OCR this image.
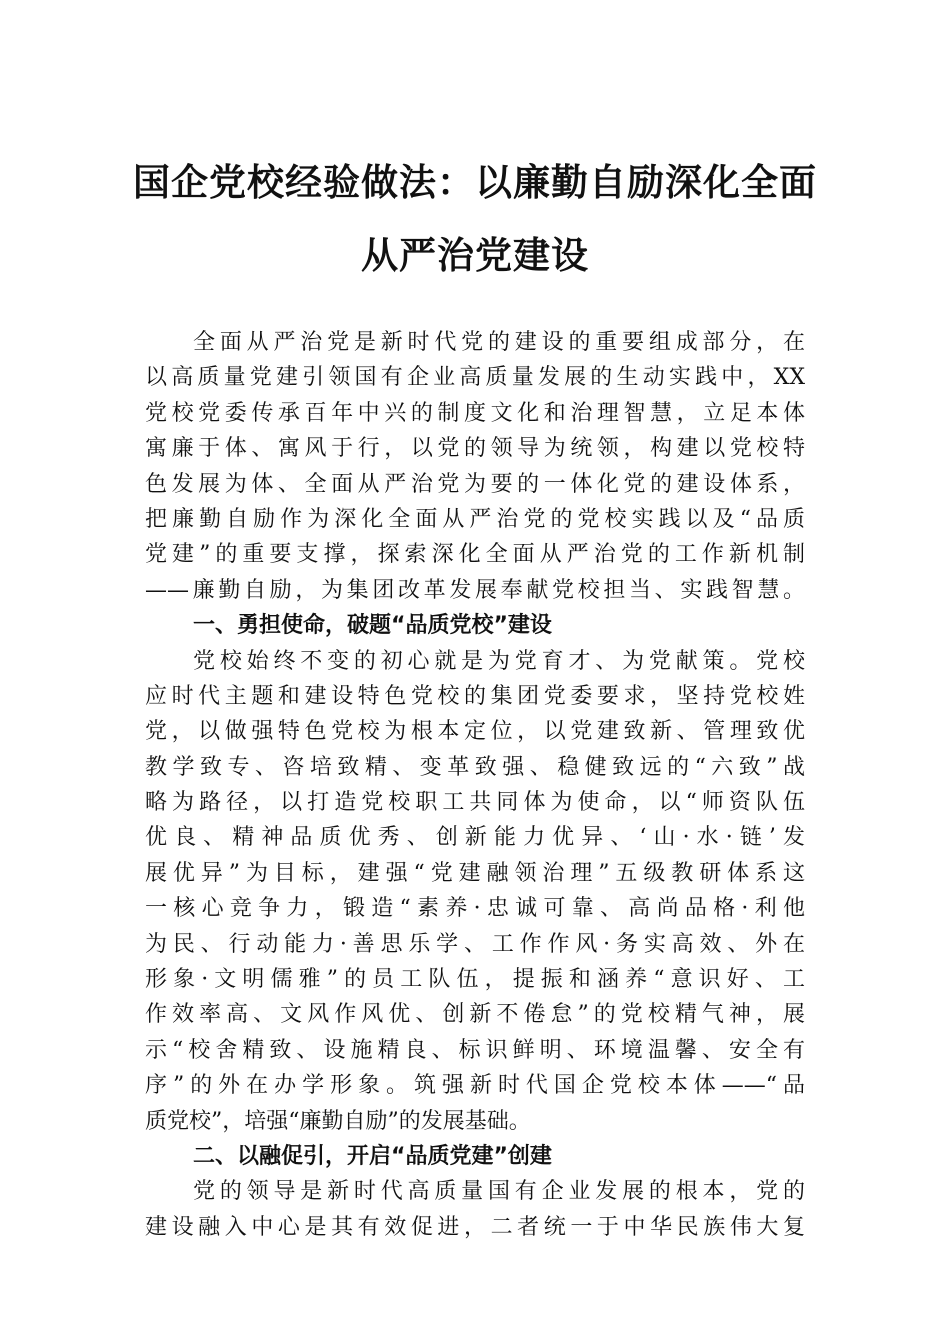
国企党校经验做法：以廉勤自励深化全面
从严治党建设
全面从严治党是新时代党的建设的重要组成部分，在
以高质量党建引领国有企业高质量发展的生动实践中，XX
党校党委传承百年中兴的制度文化和治理智慧，立足本体
寓廉于体、寓风于行，以党的领导为统领，构建以党校特
色发展为体、全面从严治党为要的一体化党的建设体系，
把廉勤自励作为深化全面从严治党的党校实践以及“品质
党建”的重要支撑，探索深化全面从严治党的工作新机制
——廉勤自励，为集团改革发展奉献党校担当、实践智慧。
一、勇担使命，破题“品质党校”建设
党校始终不变的初心就是为党育才、为党献策。党校
应时代主题和建设特色党校的集团党委要求，坚持党校姓
党，以做强特色党校为根本定位，以党建致新、管理致优
教学致专、咨培致精、变革致强、稳健致远的“六致”战
略为路径，以打造党校职工共同体为使命，以“师资队伍
优良、精神品质优秀、创新能力优异、‘山·水·链’发
展优异”为目标，建强“党建融领治理”五级教研体系这
一核心竞争力，锻造“素养·忠诚可靠、高尚品格·利他
为民、行动能力·善思乐学、工作作风·务实高效、外在
形象·文明儒雅”的员工队伍，提振和涵养“意识好、工
作效率高、文风作风优、创新不倦怠”的党校精气神，展
示“校舍精致、设施精良、标识鲜明、环境温馨、安全有
序”的外在办学形象。筑强新时代国企党校本体——“品
质党校”，培强“廉勤自励”的发展基础。
二、以融促引，开启“品质党建”创建
党的领导是新时代高质量国有企业发展的根本，党的
建设融入中心是其有效促进，二者统一于中华民族伟大复
